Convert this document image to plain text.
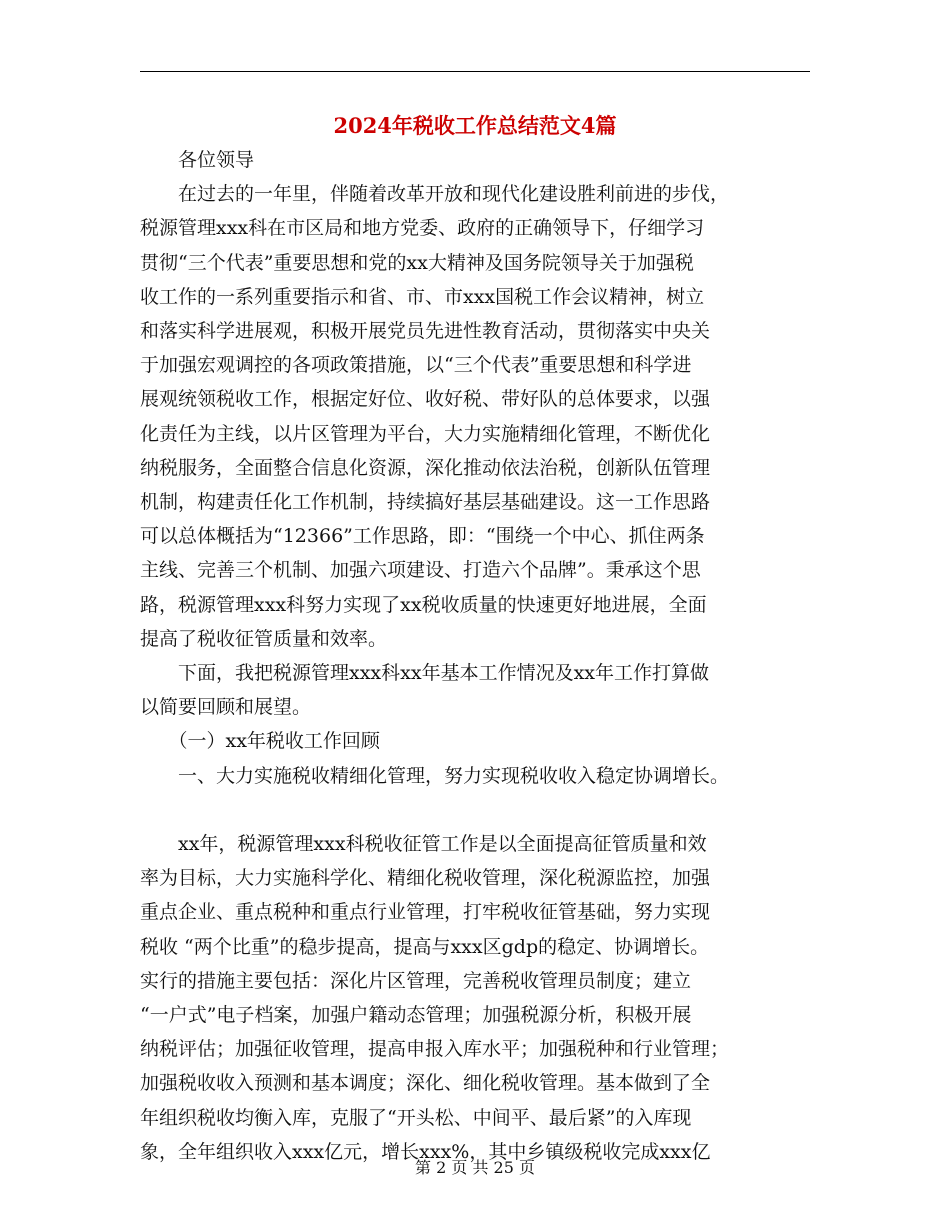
2024年税收工作总结范文4篇
　　各位领导
　　在过去的一年里，伴随着改革开放和现代化建设胜利前进的步伐，
税源管理xxx科在市区局和地方党委、政府的正确领导下，仔细学习
贯彻“三个代表”重要思想和党的xx大精神及国务院领导关于加强税
收工作的一系列重要指示和省、市、市xxx国税工作会议精神，树立
和落实科学进展观，积极开展党员先进性教育活动，贯彻落实中央关
于加强宏观调控的各项政策措施，以“三个代表”重要思想和科学进
展观统领税收工作，根据定好位、收好税、带好队的总体要求，以强
化责任为主线，以片区管理为平台，大力实施精细化管理，不断优化
纳税服务，全面整合信息化资源，深化推动依法治税，创新队伍管理
机制，构建责任化工作机制，持续搞好基层基础建设。这一工作思路
可以总体概括为“12366”工作思路，即：“围绕一个中心、抓住两条
主线、完善三个机制、加强六项建设、打造六个品牌”。秉承这个思
路，税源管理xxx科努力实现了xx税收质量的快速更好地进展，全面
提高了税收征管质量和效率。
　　下面，我把税源管理xxx科xx年基本工作情况及xx年工作打算做
以简要回顾和展望。
　　（一）xx年税收工作回顾
　　一、大力实施税收精细化管理，努力实现税收收入稳定协调增长。
　　xx年，税源管理xxx科税收征管工作是以全面提高征管质量和效
率为目标，大力实施科学化、精细化税收管理，深化税源监控，加强
重点企业、重点税种和重点行业管理，打牢税收征管基础，努力实现
税收 “两个比重”的稳步提高，提高与xxx区gdp的稳定、协调增长。
实行的措施主要包括：深化片区管理，完善税收管理员制度；建立
“一户式”电子档案，加强户籍动态管理；加强税源分析，积极开展
纳税评估；加强征收管理，提高申报入库水平；加强税种和行业管理；
加强税收收入预测和基本调度；深化、细化税收管理。基本做到了全
年组织税收均衡入库，克服了“开头松、中间平、最后紧”的入库现
象，全年组织收入xxx亿元，增长xxx%，其中乡镇级税收完成xxx亿
第 2 页 共 25 页
